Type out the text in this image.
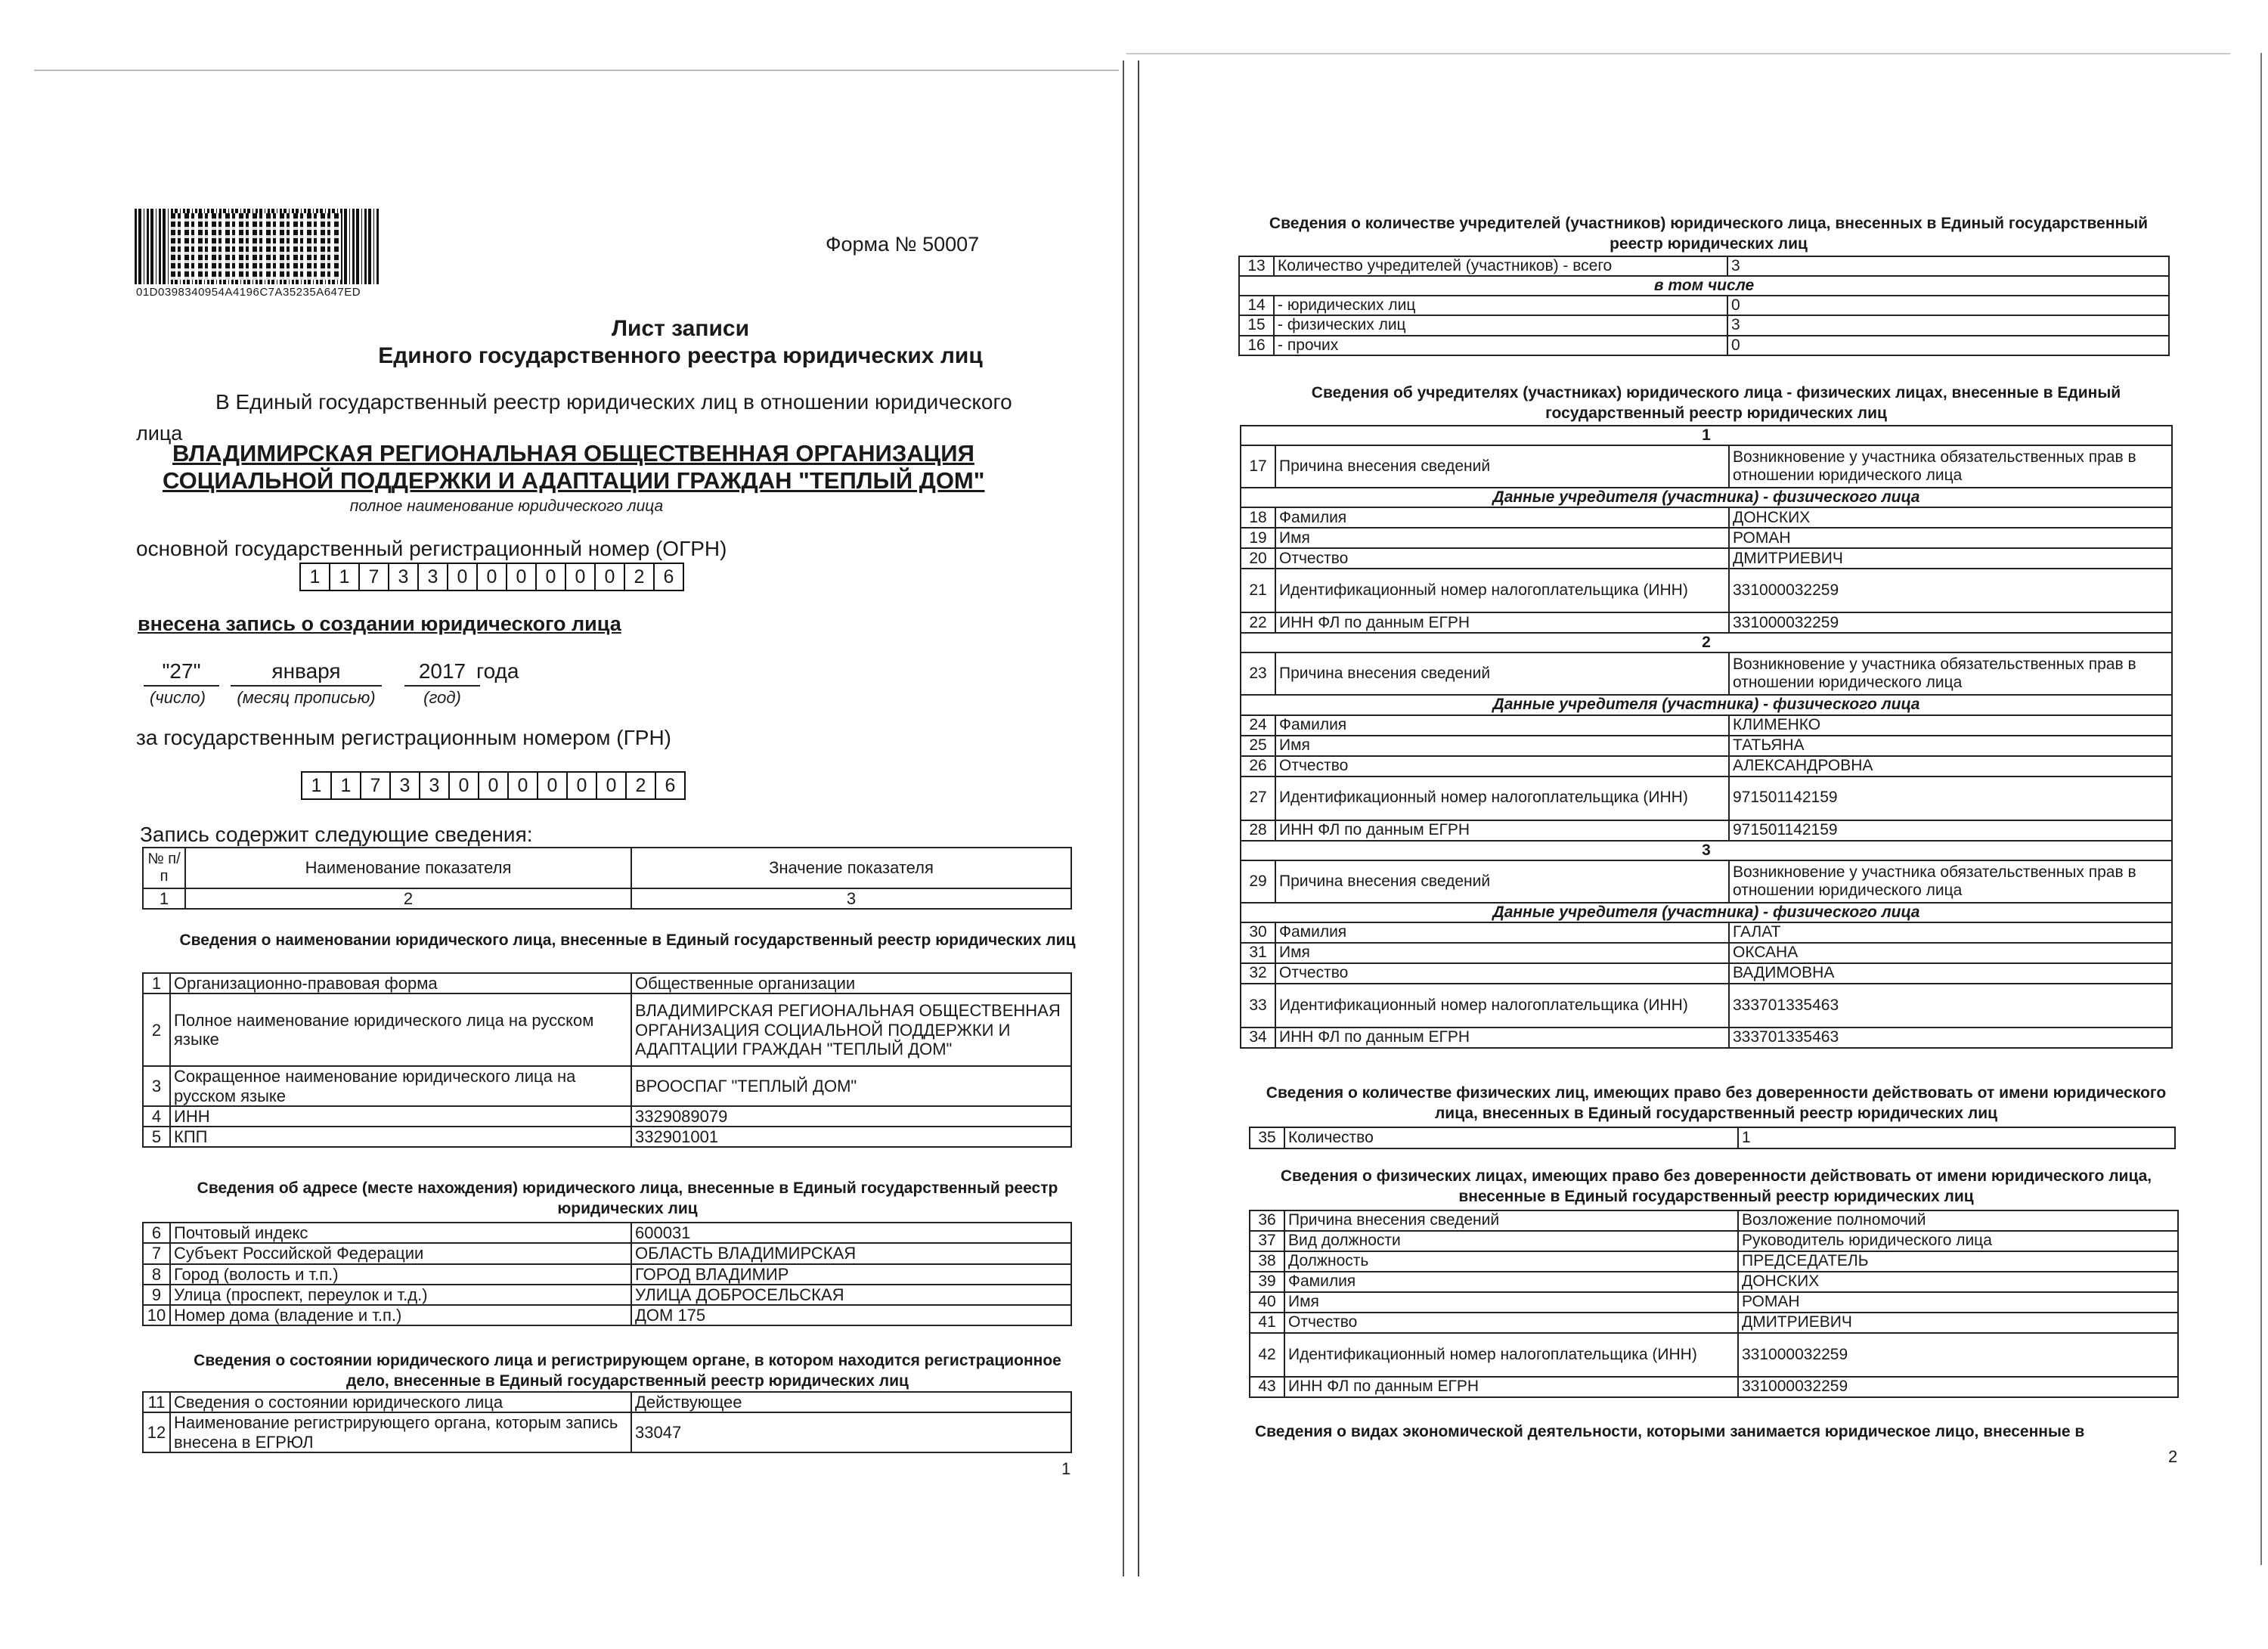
01D0398340954A4196C7A35235A647ED
Форма № 50007
Лист записи
Единого государственного реестра юридических лиц
В Единый государственный реестр юридических лиц в отношении юридического
лица
ВЛАДИМИРСКАЯ РЕГИОНАЛЬНАЯ ОБЩЕСТВЕННАЯ ОРГАНИЗАЦИЯ
СОЦИАЛЬНОЙ ПОДДЕРЖКИ И АДАПТАЦИИ ГРАЖДАН "ТЕПЛЫЙ ДОМ"
полное наименование юридического лица
основной государственный регистрационный номер (ОГРН)
1	1	7	3	3	0	0	0	0	0	0	2	6
внесена запись о создании юридического лица
"27"	января	2017 года
(число)	(месяц прописью)	(год)
за государственным регистрационным номером (ГРН)
1	1	7	3	3	0	0	0	0	0	0	2	6
Запись содержит следующие сведения:
№ п/п	Наименование показателя	Значение показателя
1	2	3
Сведения о наименовании юридического лица, внесенные в Единый государственный реестр юридических лиц
1	Организационно-правовая форма	Общественные организации
2	Полное наименование юридического лица на русском языке	ВЛАДИМИРСКАЯ РЕГИОНАЛЬНАЯ ОБЩЕСТВЕННАЯ ОРГАНИЗАЦИЯ СОЦИАЛЬНОЙ ПОДДЕРЖКИ И АДАПТАЦИИ ГРАЖДАН "ТЕПЛЫЙ ДОМ"
3	Сокращенное наименование юридического лица на русском языке	ВРООСПАГ "ТЕПЛЫЙ ДОМ"
4	ИНН	3329089079
5	КПП	332901001
Сведения об адресе (месте нахождения) юридического лица, внесенные в Единый государственный реестр юридических лиц
6	Почтовый индекс	600031
7	Субъект Российской Федерации	ОБЛАСТЬ ВЛАДИМИРСКАЯ
8	Город (волость и т.п.)	ГОРОД ВЛАДИМИР
9	Улица (проспект, переулок и т.д.)	УЛИЦА ДОБРОСЕЛЬСКАЯ
10	Номер дома (владение и т.п.)	ДОМ 175
Сведения о состоянии юридического лица и регистрирующем органе, в котором находится регистрационное дело, внесенные в Единый государственный реестр юридических лиц
11	Сведения о состоянии юридического лица	Действующее
12	Наименование регистрирующего органа, которым запись внесена в ЕГРЮЛ	33047
1
Сведения о количестве учредителей (участников) юридического лица, внесенных в Единый государственный реестр юридических лиц
13	Количество учредителей (участников) - всего	3
в том числе		
14	- юридических лиц	0
15	- физических лиц	3
16	- прочих	0
Сведения об учредителях (участниках) юридического лица - физических лицах, внесенные в Единый государственный реестр юридических лиц
1		
17	Причина внесения сведений	Возникновение у участника обязательственных прав в отношении юридического лица
Данные учредителя (участника) - физического лица		
18	Фамилия	ДОНСКИХ
19	Имя	РОМАН
20	Отчество	ДМИТРИЕВИЧ
21	Идентификационный номер налогоплательщика (ИНН)	331000032259
22	ИНН ФЛ по данным ЕГРН	331000032259
2		
23	Причина внесения сведений	Возникновение у участника обязательственных прав в отношении юридического лица
Данные учредителя (участника) - физического лица		
24	Фамилия	КЛИМЕНКО
25	Имя	ТАТЬЯНА
26	Отчество	АЛЕКСАНДРОВНА
27	Идентификационный номер налогоплательщика (ИНН)	971501142159
28	ИНН ФЛ по данным ЕГРН	971501142159
3		
29	Причина внесения сведений	Возникновение у участника обязательственных прав в отношении юридического лица
Данные учредителя (участника) - физического лица		
30	Фамилия	ГАЛАТ
31	Имя	ОКСАНА
32	Отчество	ВАДИМОВНА
33	Идентификационный номер налогоплательщика (ИНН)	333701335463
34	ИНН ФЛ по данным ЕГРН	333701335463
Сведения о количестве физических лиц, имеющих право без доверенности действовать от имени юридического лица, внесенных в Единый государственный реестр юридических лиц
35	Количество	1
Сведения о физических лицах, имеющих право без доверенности действовать от имени юридического лица, внесенные в Единый государственный реестр юридических лиц
36	Причина внесения сведений	Возложение полномочий
37	Вид должности	Руководитель юридического лица
38	Должность	ПРЕДСЕДАТЕЛЬ
39	Фамилия	ДОНСКИХ
40	Имя	РОМАН
41	Отчество	ДМИТРИЕВИЧ
42	Идентификационный номер налогоплательщика (ИНН)	331000032259
43	ИНН ФЛ по данным ЕГРН	331000032259
Сведения о видах экономической деятельности, которыми занимается юридическое лицо, внесенные в
2
